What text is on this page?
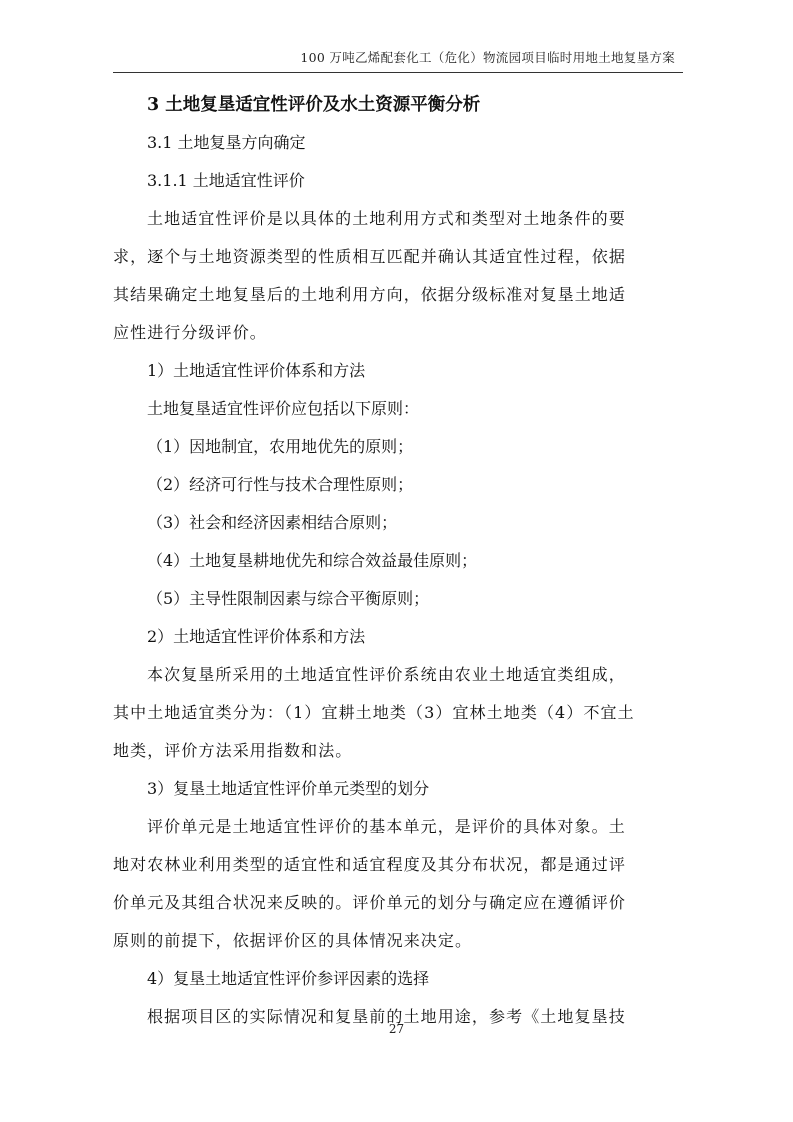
100 万吨乙烯配套化工（危化）物流园项目临时用地土地复垦方案
3 土地复垦适宜性评价及水土资源平衡分析
3.1 土地复垦方向确定
3.1.1 土地适宜性评价
土地适宜性评价是以具体的土地利用方式和类型对土地条件的要
求，逐个与土地资源类型的性质相互匹配并确认其适宜性过程，依据
其结果确定土地复垦后的土地利用方向，依据分级标准对复垦土地适
应性进行分级评价。
1）土地适宜性评价体系和方法
土地复垦适宜性评价应包括以下原则：
（1）因地制宜，农用地优先的原则；
（2）经济可行性与技术合理性原则；
（3）社会和经济因素相结合原则；
（4）土地复垦耕地优先和综合效益最佳原则；
（5）主导性限制因素与综合平衡原则；
2）土地适宜性评价体系和方法
本次复垦所采用的土地适宜性评价系统由农业土地适宜类组成，
其中土地适宜类分为：（1）宜耕土地类（3）宜林土地类（4）不宜土
地类，评价方法采用指数和法。
3）复垦土地适宜性评价单元类型的划分
评价单元是土地适宜性评价的基本单元，是评价的具体对象。土
地对农林业利用类型的适宜性和适宜程度及其分布状况，都是通过评
价单元及其组合状况来反映的。评价单元的划分与确定应在遵循评价
原则的前提下，依据评价区的具体情况来决定。
4）复垦土地适宜性评价参评因素的选择
根据项目区的实际情况和复垦前的土地用途，参考《土地复垦技
27
